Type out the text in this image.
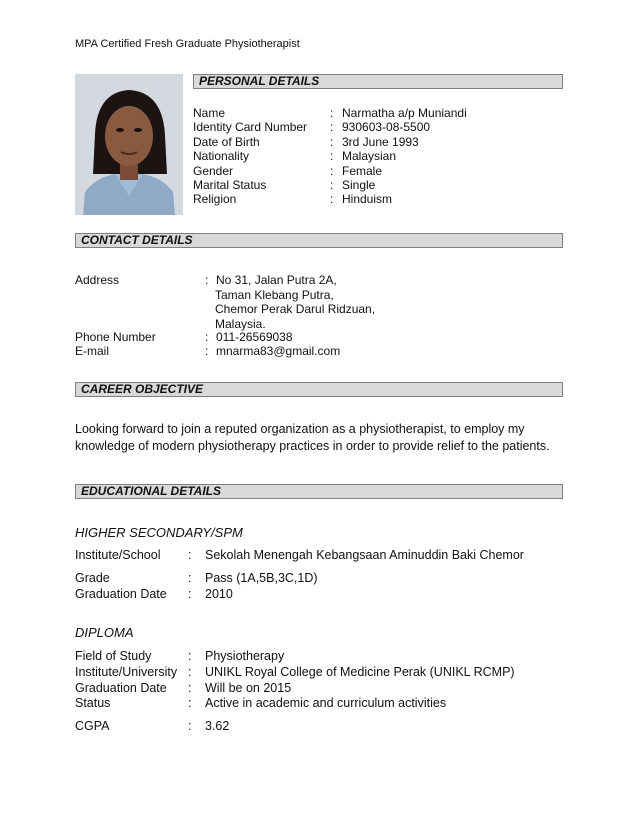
MPA Certified Fresh Graduate Physiotherapist
PERSONAL DETAILS
Name	: Narmatha a/p Muniandi
Identity Card Number : 930603-08-5500
Date of Birth	: 3rd June 1993
Nationality	: Malaysian
Gender	: Female
Marital Status	: Single
Religion	: Hinduism
CONTACT DETAILS
Address	: No 31, Jalan Putra 2A,
Taman Klebang Putra,
Chemor Perak Darul Ridzuan,
Malaysia.
Phone Number	: 011-26569038
E-mail	: mnarma83@gmail.com
CAREER OBJECTIVE
Looking forward to join a reputed organization as a physiotherapist, to employ my
knowledge of modern physiotherapy practices in order to provide relief to the patients.
EDUCATIONAL DETAILS
HIGHER SECONDARY/SPM
Institute/School : Sekolah Menengah Kebangsaan Aminuddin Baki Chemor
Grade	: Pass (1A,5B,3C,1D)
Graduation Date : 2010
DIPLOMA
Field of Study	: Physiotherapy
Institute/University : UNIKL Royal College of Medicine Perak (UNIKL RCMP)
Graduation Date : Will be on 2015
Status	: Active in academic and curriculum activities
CGPA	: 3.62
